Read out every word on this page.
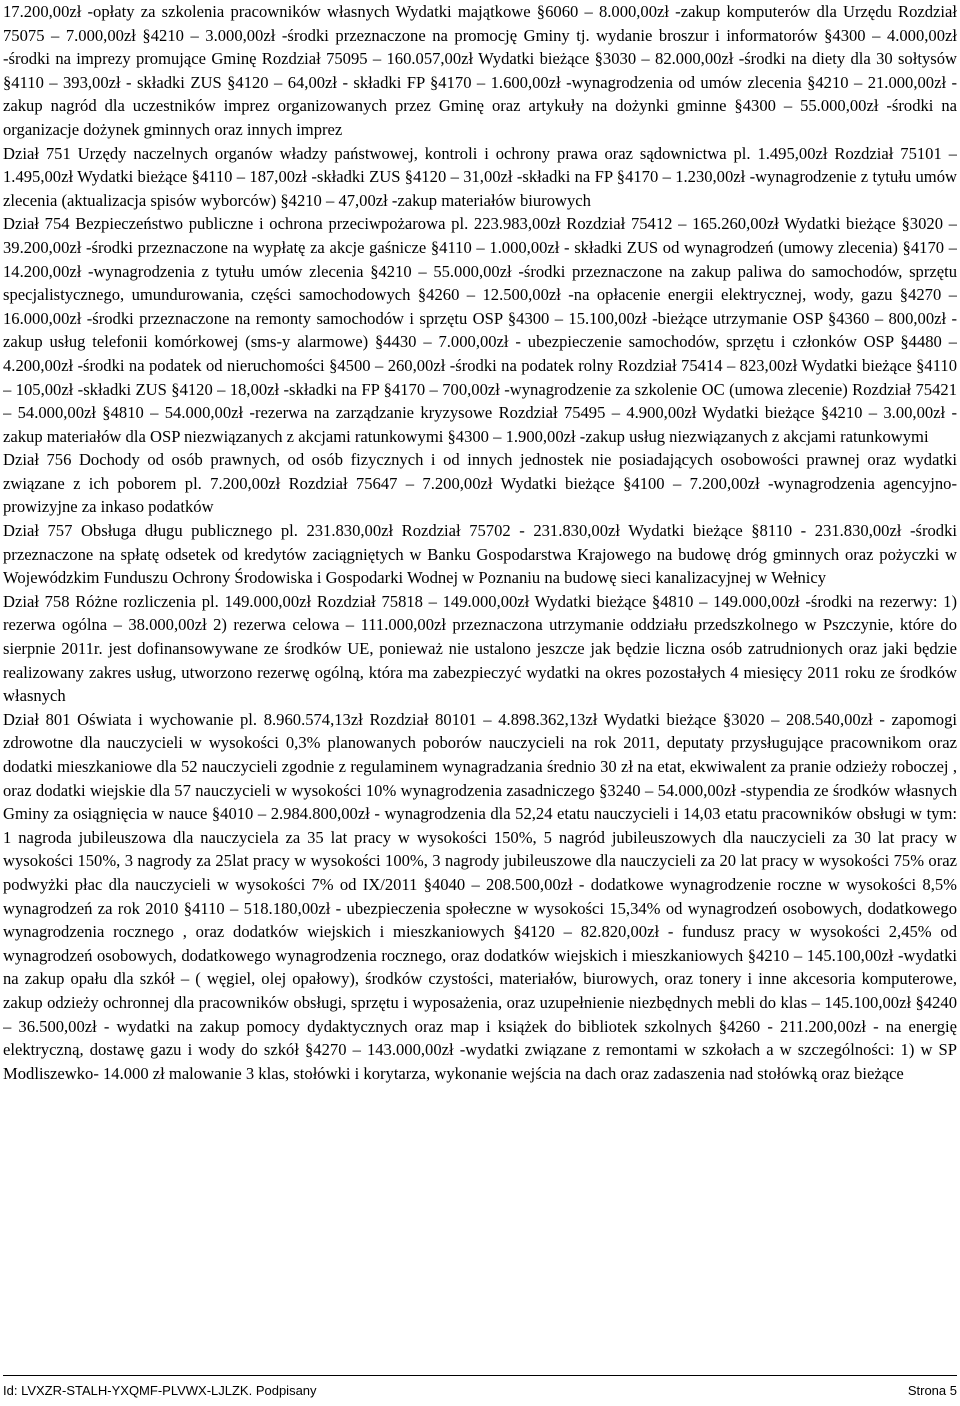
17.200,00zł -opłaty za szkolenia pracowników własnych Wydatki majątkowe §6060 – 8.000,00zł -zakup komputerów dla Urzędu Rozdział 75075 – 7.000,00zł §4210 – 3.000,00zł -środki przeznaczone na promocję Gminy tj. wydanie broszur i informatorów §4300 – 4.000,00zł -środki na imprezy promujące Gminę Rozdział 75095 – 160.057,00zł Wydatki bieżące §3030 – 82.000,00zł -środki na diety dla 30 sołtysów §4110 – 393,00zł - składki ZUS §4120 – 64,00zł - składki FP §4170 – 1.600,00zł -wynagrodzenia od umów zlecenia §4210 – 21.000,00zł -zakup nagród dla uczestników imprez organizowanych przez Gminę oraz artykuły na dożynki gminne §4300 – 55.000,00zł -środki na organizacje dożynek gminnych oraz innych imprez

Dział 751 Urzędy naczelnych organów władzy państwowej, kontroli i ochrony prawa oraz sądownictwa pl. 1.495,00zł Rozdział 75101 – 1.495,00zł Wydatki bieżące §4110 – 187,00zł -składki ZUS §4120 – 31,00zł -składki na FP §4170 – 1.230,00zł -wynagrodzenie z tytułu umów zlecenia (aktualizacja spisów wyborców) §4210 – 47,00zł -zakup materiałów biurowych

Dział 754 Bezpieczeństwo publiczne i ochrona przeciwpożarowa pl. 223.983,00zł Rozdział 75412 – 165.260,00zł Wydatki bieżące §3020 – 39.200,00zł -środki przeznaczone na wypłatę za akcje gaśnicze §4110 – 1.000,00zł - składki ZUS od wynagrodzeń (umowy zlecenia) §4170 – 14.200,00zł -wynagrodzenia z tytułu umów zlecenia §4210 – 55.000,00zł -środki przeznaczone na zakup paliwa do samochodów, sprzętu specjalistycznego, umundurowania, części samochodowych §4260 – 12.500,00zł -na opłacenie energii elektrycznej, wody, gazu §4270 – 16.000,00zł -środki przeznaczone na remonty samochodów i sprzętu OSP §4300 – 15.100,00zł -bieżące utrzymanie OSP §4360 – 800,00zł -zakup usług telefonii komórkowej (sms-y alarmowe) §4430 – 7.000,00zł - ubezpieczenie samochodów, sprzętu i członków OSP §4480 – 4.200,00zł -środki na podatek od nieruchomości §4500 – 260,00zł -środki na podatek rolny Rozdział 75414 – 823,00zł Wydatki bieżące §4110 – 105,00zł -składki ZUS §4120 – 18,00zł -składki na FP §4170 – 700,00zł -wynagrodzenie za szkolenie OC (umowa zlecenie) Rozdział 75421 – 54.000,00zł §4810 – 54.000,00zł -rezerwa na zarządzanie kryzysowe Rozdział 75495 – 4.900,00zł Wydatki bieżące §4210 – 3.00,00zł -zakup materiałów dla OSP niezwiązanych z akcjami ratunkowymi §4300 – 1.900,00zł -zakup usług niezwiązanych z akcjami ratunkowymi

Dział 756 Dochody od osób prawnych, od osób fizycznych i od innych jednostek nie posiadających osobowości prawnej oraz wydatki związane z ich poborem pl. 7.200,00zł Rozdział 75647 – 7.200,00zł Wydatki bieżące §4100 – 7.200,00zł -wynagrodzenia agencyjno-prowizyjne za inkaso podatków

Dział 757 Obsługa długu publicznego pl. 231.830,00zł Rozdział 75702 - 231.830,00zł Wydatki bieżące §8110 - 231.830,00zł -środki przeznaczone na spłatę odsetek od kredytów zaciągniętych w Banku Gospodarstwa Krajowego na budowę dróg gminnych oraz pożyczki w Wojewódzkim Funduszu Ochrony Środowiska i Gospodarki Wodnej w Poznaniu na budowę sieci kanalizacyjnej w Wełnicy

Dział 758 Różne rozliczenia pl. 149.000,00zł Rozdział 75818 – 149.000,00zł Wydatki bieżące §4810 – 149.000,00zł -środki na rezerwy: 1) rezerwa ogólna – 38.000,00zł 2) rezerwa celowa – 111.000,00zł przeznaczona utrzymanie oddziału przedszkolnego w Pszczynie, które do sierpnie 2011r. jest dofinansowywane ze środków UE, ponieważ nie ustalono jeszcze jak będzie liczna osób zatrudnionych oraz jaki będzie realizowany zakres usług, utworzono rezerwę ogólną, która ma zabezpieczyć wydatki na okres pozostałych 4 miesięcy 2011 roku ze środków własnych

Dział 801 Oświata i wychowanie pl. 8.960.574,13zł Rozdział 80101 – 4.898.362,13zł Wydatki bieżące §3020 – 208.540,00zł - zapomogi zdrowotne dla nauczycieli w wysokości 0,3% planowanych poborów nauczycieli na rok 2011, deputaty przysługujące pracownikom oraz dodatki mieszkaniowe dla 52 nauczycieli zgodnie z regulaminem wynagradzania średnio 30 zł na etat, ekwiwalent za pranie odzieży roboczej , oraz dodatki wiejskie dla 57 nauczycieli w wysokości 10% wynagrodzenia zasadniczego §3240 – 54.000,00zł -stypendia ze środków własnych Gminy za osiągnięcia w nauce §4010 – 2.984.800,00zł - wynagrodzenia dla 52,24 etatu nauczycieli i 14,03 etatu pracowników obsługi w tym: 1 nagroda jubileuszowa dla nauczyciela za 35 lat pracy w wysokości 150%, 5 nagród jubileuszowych dla nauczycieli za 30 lat pracy w wysokości 150%, 3 nagrody za 25lat pracy w wysokości 100%, 3 nagrody jubileuszowe dla nauczycieli za 20 lat pracy w wysokości 75% oraz podwyżki płac dla nauczycieli w wysokości 7% od IX/2011 §4040 – 208.500,00zł - dodatkowe wynagrodzenie roczne w wysokości 8,5% wynagrodzeń za rok 2010 §4110 – 518.180,00zł - ubezpieczenia społeczne w wysokości 15,34% od wynagrodzeń osobowych, dodatkowego wynagrodzenia rocznego , oraz dodatków wiejskich i mieszkaniowych §4120 – 82.820,00zł - fundusz pracy w wysokości 2,45% od wynagrodzeń osobowych, dodatkowego wynagrodzenia rocznego, oraz dodatków wiejskich i mieszkaniowych §4210 – 145.100,00zł -wydatki na zakup opału dla szkół – ( węgiel, olej opałowy), środków czystości, materiałów, biurowych, oraz tonery i inne akcesoria komputerowe, zakup odzieży ochronnej dla pracowników obsługi, sprzętu i wyposażenia, oraz uzupełnienie niezbędnych mebli do klas – 145.100,00zł §4240 – 36.500,00zł - wydatki na zakup pomocy dydaktycznych oraz map i książek do bibliotek szkolnych §4260 - 211.200,00zł - na energię elektryczną, dostawę gazu i wody do szkół §4270 – 143.000,00zł -wydatki związane z remontami w szkołach a w szczególności: 1) w SP Modliszewko- 14.000 zł malowanie 3 klas, stołówki i korytarza, wykonanie wejścia na dach oraz zadaszenia nad stołówką oraz bieżące

Id: LVXZR-STALH-YXQMF-PLVWX-LJLZK. Podpisany	Strona 5
